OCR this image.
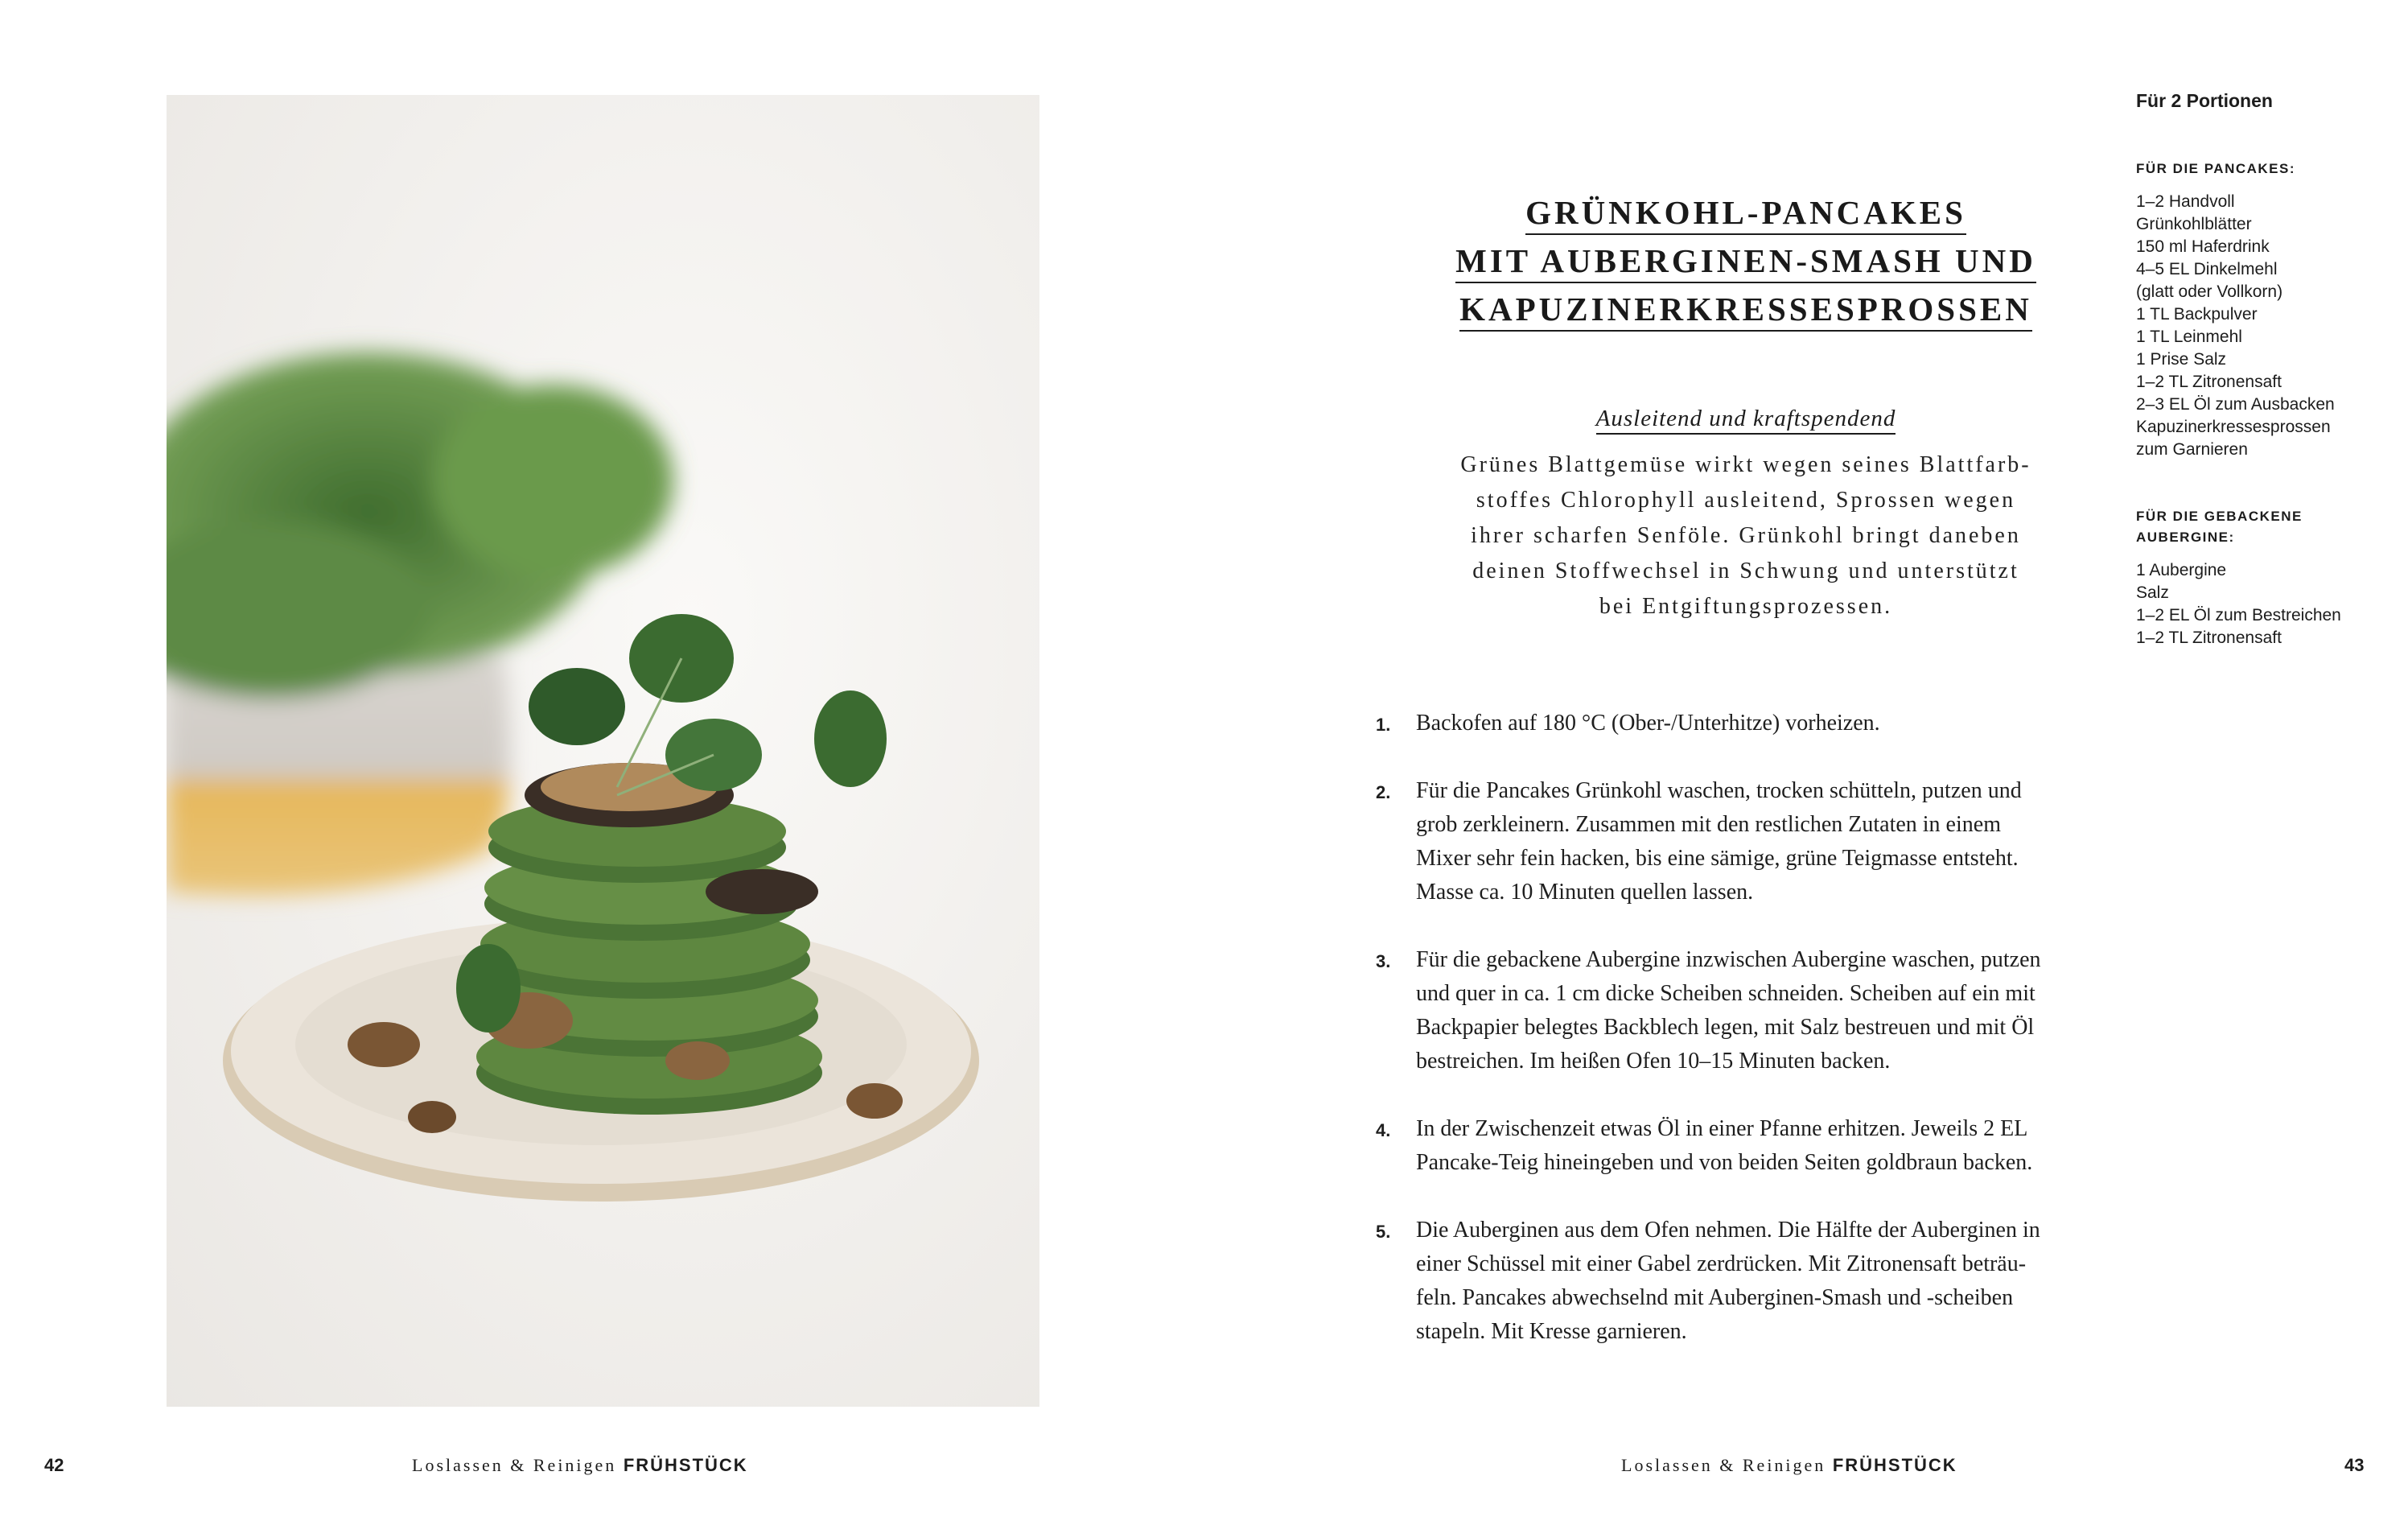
GRÜNKOHL-PANCAKES
MIT AUBERGINEN-SMASH UND
KAPUZINERKRESSESPROSSEN
Ausleitend und kraftspendend
Grünes Blattgemüse wirkt wegen seines Blattfarb-
stoffes Chlorophyll ausleitend, Sprossen wegen
ihrer scharfen Senföle. Grünkohl bringt daneben
deinen Stoffwechsel in Schwung und unterstützt
bei Entgiftungsprozessen.
1. Backofen auf 180 °C (Ober-/Unterhitze) vorheizen.
2. Für die Pancakes Grünkohl waschen, trocken schütteln, putzen und
grob zerkleinern. Zusammen mit den restlichen Zutaten in einem
Mixer sehr fein hacken, bis eine sämige, grüne Teigmasse entsteht.
Masse ca. 10 Minuten quellen lassen.
3. Für die gebackene Aubergine inzwischen Aubergine waschen, putzen
und quer in ca. 1 cm dicke Scheiben schneiden. Scheiben auf ein mit
Backpapier belegtes Backblech legen, mit Salz bestreuen und mit Öl
bestreichen. Im heißen Ofen 10–15 Minuten backen.
4. In der Zwischenzeit etwas Öl in einer Pfanne erhitzen. Jeweils 2 EL
Pancake-Teig hineingeben und von beiden Seiten goldbraun backen.
5. Die Auberginen aus dem Ofen nehmen. Die Hälfte der Auberginen in
einer Schüssel mit einer Gabel zerdrücken. Mit Zitronensaft beträu-
feln. Pancakes abwechselnd mit Auberginen-Smash und -scheiben
stapeln. Mit Kresse garnieren.
Für 2 Portionen
FÜR DIE PANCAKES:
1–2 Handvoll
Grünkohlblätter
150 ml Haferdrink
4–5 EL Dinkelmehl
(glatt oder Vollkorn)
1 TL Backpulver
1 TL Leinmehl
1 Prise Salz
1–2 TL Zitronensaft
2–3 EL Öl zum Ausbacken
Kapuzinerkressesprossen
zum Garnieren
FÜR DIE GEBACKENE
AUBERGINE:
1 Aubergine
Salz
1–2 EL Öl zum Bestreichen
1–2 TL Zitronensaft
42	Loslassen & Reinigen FRÜHSTÜCK	Loslassen & Reinigen FRÜHSTÜCK	43
